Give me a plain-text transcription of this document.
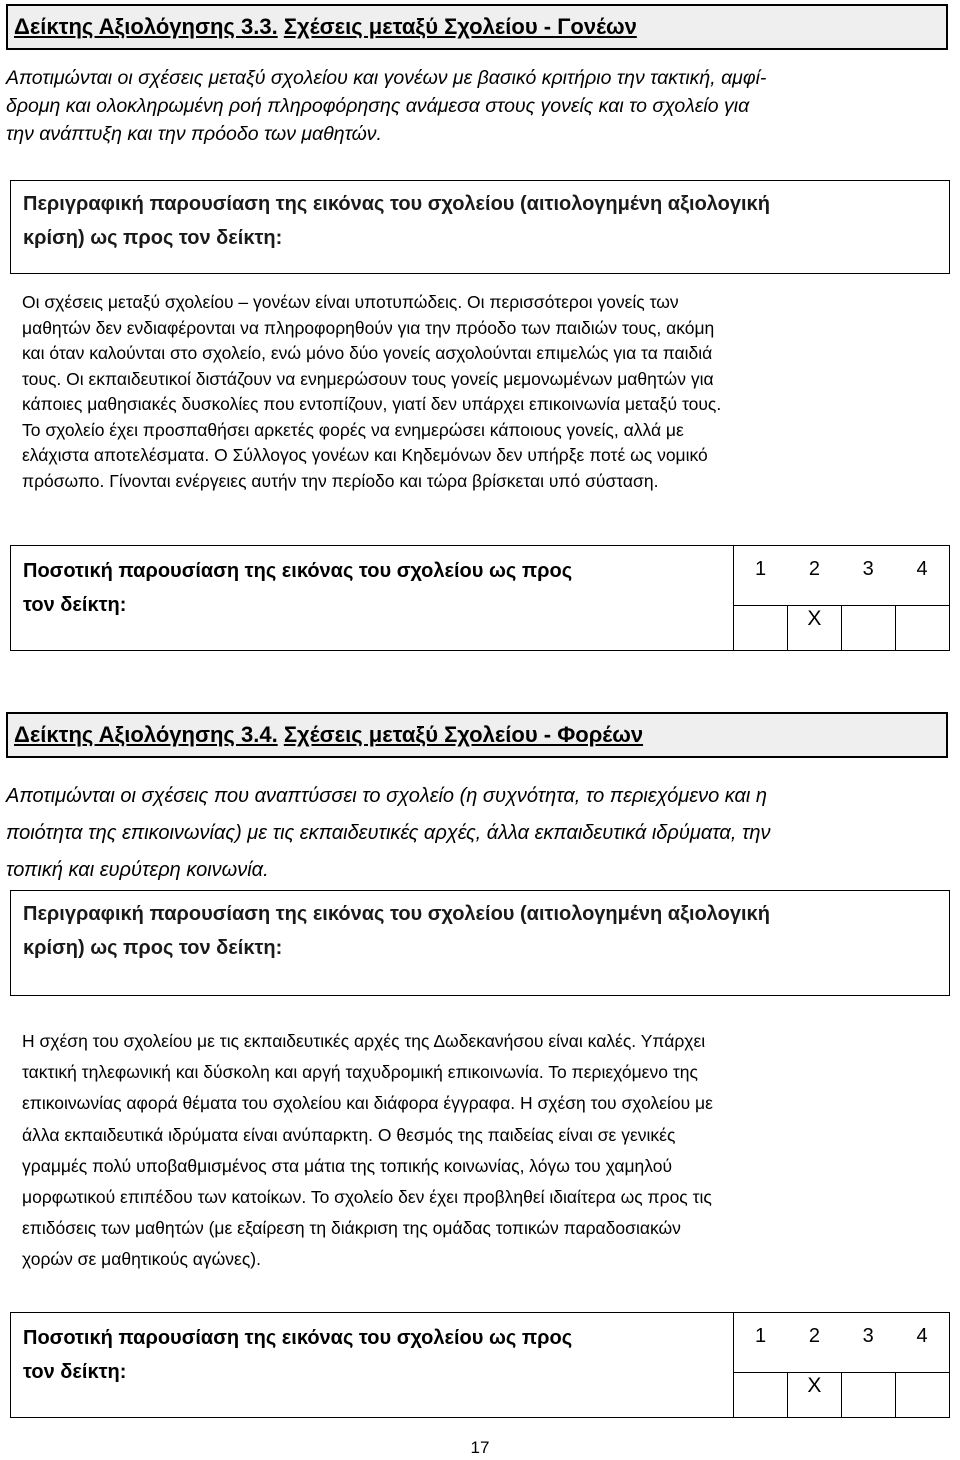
Δείκτης Αξιολόγησης 3.3. Σχέσεις μεταξύ Σχολείου - Γονέων
Αποτιμώνται οι σχέσεις μεταξύ σχολείου και γονέων με βασικό κριτήριο την τακτική, αμφί-
δρομη και ολοκληρωμένη ροή πληροφόρησης ανάμεσα στους γονείς και το σχολείο για
την ανάπτυξη και την πρόοδο των μαθητών.
Περιγραφική παρουσίαση της εικόνας του σχολείου (αιτιολογημένη αξιολογική
κρίση) ως προς τον δείκτη:
Οι σχέσεις μεταξύ σχολείου – γονέων είναι υποτυπώδεις. Οι περισσότεροι γονείς των
μαθητών δεν ενδιαφέρονται να πληροφορηθούν για την πρόοδο των παιδιών τους, ακόμη
και όταν καλούνται στο σχολείο, ενώ μόνο δύο γονείς ασχολούνται επιμελώς για τα παιδιά
τους. Οι εκπαιδευτικοί διστάζουν να ενημερώσουν τους γονείς μεμονωμένων μαθητών για
κάποιες μαθησιακές δυσκολίες που εντοπίζουν, γιατί δεν υπάρχει επικοινωνία μεταξύ τους.
Το σχολείο έχει προσπαθήσει αρκετές φορές να ενημερώσει κάποιους γονείς, αλλά με
ελάχιστα αποτελέσματα. Ο Σύλλογος γονέων και Κηδεμόνων δεν υπήρξε ποτέ ως νομικό
πρόσωπο. Γίνονται ενέργειες αυτήν την περίοδο και τώρα βρίσκεται υπό σύσταση.
Ποσοτική παρουσίαση της εικόνας του σχολείου ως προς
τον δείκτη:	1	2	3	4
		X		
Δείκτης Αξιολόγησης 3.4. Σχέσεις μεταξύ Σχολείου - Φορέων
Αποτιμώνται οι σχέσεις που αναπτύσσει το σχολείο (η συχνότητα, το περιεχόμενο και η
ποιότητα της επικοινωνίας) με τις εκπαιδευτικές αρχές, άλλα εκπαιδευτικά ιδρύματα, την
τοπική και ευρύτερη κοινωνία.
Περιγραφική παρουσίαση της εικόνας του σχολείου (αιτιολογημένη αξιολογική
κρίση) ως προς τον δείκτη:
Η σχέση του σχολείου με τις εκπαιδευτικές αρχές της Δωδεκανήσου είναι καλές. Υπάρχει
τακτική τηλεφωνική και δύσκολη και αργή ταχυδρομική επικοινωνία. Το περιεχόμενο της
επικοινωνίας αφορά θέματα του σχολείου και διάφορα έγγραφα. Η σχέση του σχολείου με
άλλα εκπαιδευτικά ιδρύματα είναι ανύπαρκτη. Ο θεσμός της παιδείας είναι σε γενικές
γραμμές πολύ υποβαθμισμένος στα μάτια της τοπικής κοινωνίας, λόγω του χαμηλού
μορφωτικού επιπέδου των κατοίκων. Το σχολείο δεν έχει προβληθεί ιδιαίτερα ως προς τις
επιδόσεις των μαθητών (με εξαίρεση τη διάκριση της ομάδας τοπικών παραδοσιακών
χορών σε μαθητικούς αγώνες).
Ποσοτική παρουσίαση της εικόνας του σχολείου ως προς
τον δείκτη:	1	2	3	4
		X		
17
